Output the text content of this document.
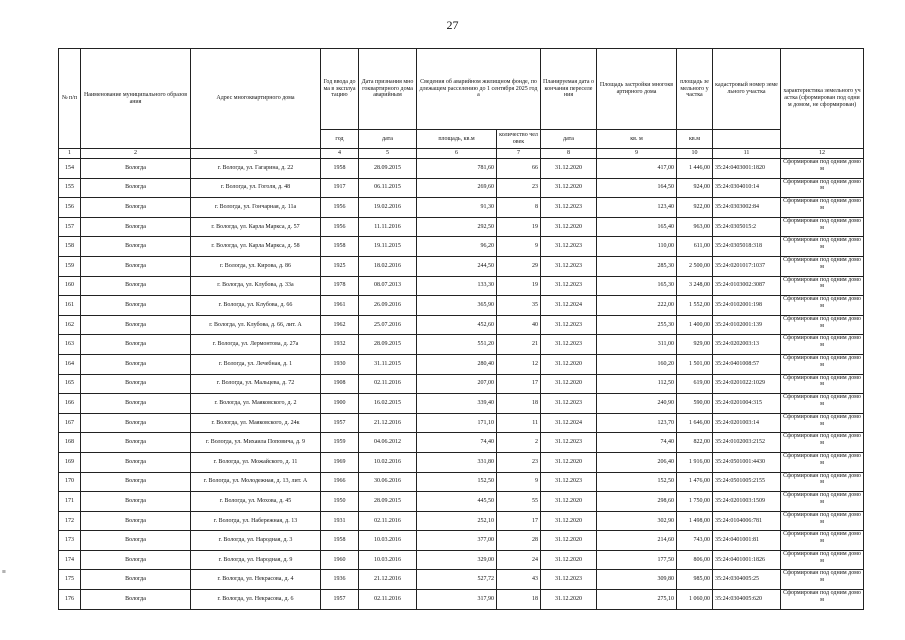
27
≡
№ п/п	Наименование муниципального образования	Адрес многоквартирного дома	Год ввода дома в эксплуатацию	Дата признания многоквартирного дома аварийным	Сведения об аварийном жилищном фонде, подлежащем расселению до 1 сентября 2025 года		Планируемая дата окончания переселения	Площадь застройки многоквартирного дома	площадь земельного участка	кадастровый номер земельного участка	характеристика земельного участка (сформирован под одним домом, не сформирован)
			год	дата	площадь, кв.м	количество человек	дата	кв. м	кв.м		
1	2	3	4	5	6	7	8	9	10	11	12
154	Вологда	г. Вологда, ул. Гагарина, д. 22	1958	28.09.2015	781,60	66	31.12.2020	417,00	1 446,00	35:24:0403001:1820	Сформирован под одним домом
155	Вологда	г. Вологда, ул. Гоголя, д. 48	1917	06.11.2015	269,60	23	31.12.2020	164,50	924,00	35:24:0304010:14	Сформирован под одним домом
156	Вологда	г. Вологда, ул. Гончарная, д. 11а	1956	19.02.2016	91,30	8	31.12.2023	123,40	922,00	35:24:0303002:84	Сформирован под одним домом
157	Вологда	г. Вологда, ул. Карла Маркса, д. 57	1956	11.11.2016	292,50	19	31.12.2020	165,40	963,00	35:24:0305015:2	Сформирован под одним домом
158	Вологда	г. Вологда, ул. Карла Маркса, д. 58	1958	19.11.2015	96,20	9	31.12.2023	110,00	611,00	35:24:0305018:318	Сформирован под одним домом
159	Вологда	г. Вологда, ул. Кирова, д. 86	1925	18.02.2016	244,50	29	31.12.2023	285,30	2 500,00	35:24:0201017:1037	Сформирован под одним домом
160	Вологда	г. Вологда, ул. Клубова, д. 33а	1978	08.07.2013	133,30	19	31.12.2023	165,30	3 248,00	35:24:0103002:3087	Сформирован под одним домом
161	Вологда	г. Вологда, ул. Клубова, д. 66	1961	26.09.2016	365,90	35	31.12.2024	222,00	1 552,00	35:24:0102001:198	Сформирован под одним домом
162	Вологда	г. Вологда, ул. Клубова, д. 66, лит. А	1962	25.07.2016	452,60	40	31.12.2023	255,30	1 400,00	35:24:0102001:139	Сформирован под одним домом
163	Вологда	г. Вологда, ул. Лермонтова, д. 27а	1932	28.09.2015	551,20	21	31.12.2023	311,00	929,00	35:24:0202003:13	Сформирован под одним домом
164	Вологда	г. Вологда, ул. Лечебная, д. 1	1930	31.11.2015	280,40	12	31.12.2020	160,20	1 501,00	35:24:0401008:57	Сформирован под одним домом
165	Вологда	г. Вологда, ул. Мальцева, д. 72	1908	02.11.2016	207,00	17	31.12.2020	112,50	619,00	35:24:0201022:1029	Сформирован под одним домом
166	Вологда	г. Вологда, ул. Маяковского, д. 2	1900	16.02.2015	339,40	18	31.12.2023	240,90	590,00	35:24:0201004:315	Сформирован под одним домом
167	Вологда	г. Вологда, ул. Маяковского, д. 24к	1957	21.12.2016	171,10	11	31.12.2024	123,70	1 646,00	35:24:0201003:14	Сформирован под одним домом
168	Вологда	г. Вологда, ул. Михаила Поповича, д. 9	1959	04.06.2012	74,40	2	31.12.2023	74,40	822,00	35:24:0102003:2152	Сформирован под одним домом
169	Вологда	г. Вологда, ул. Можайского, д. 11	1969	10.02.2016	331,80	23	31.12.2020	206,40	1 916,00	35:24:0501001:4430	Сформирован под одним домом
170	Вологда	г. Вологда, ул. Молодежная, д. 13, лит. А	1966	30.06.2016	152,50	9	31.12.2023	152,50	1 476,00	35:24:0501005:2155	Сформирован под одним домом
171	Вологда	г. Вологда, ул. Мохова, д. 45	1950	28.09.2015	445,50	55	31.12.2020	298,60	1 750,00	35:24:0201003:1509	Сформирован под одним домом
172	Вологда	г. Вологда, ул. Набережная, д. 13	1931	02.11.2016	252,10	17	31.12.2020	302,90	1 498,00	35:24:0104006:781	Сформирован под одним домом
173	Вологда	г. Вологда, ул. Народная, д. 3	1958	10.03.2016	377,00	28	31.12.2020	214,60	743,00	35:24:0401001:81	Сформирован под одним домом
174	Вологда	г. Вологда, ул. Народная, д. 9	1960	10.03.2016	329,00	24	31.12.2020	177,50	806,00	35:24:0401001:1826	Сформирован под одним домом
175	Вологда	г. Вологда, ул. Некрасова, д. 4	1936	21.12.2016	527,72	43	31.12.2023	309,80	985,00	35:24:0304005:25	Сформирован под одним домом
176	Вологда	г. Вологда, ул. Некрасова, д. 6	1957	02.11.2016	317,90	18	31.12.2020	275,10	1 060,00	35:24:0304005:620	Сформирован под одним домом
